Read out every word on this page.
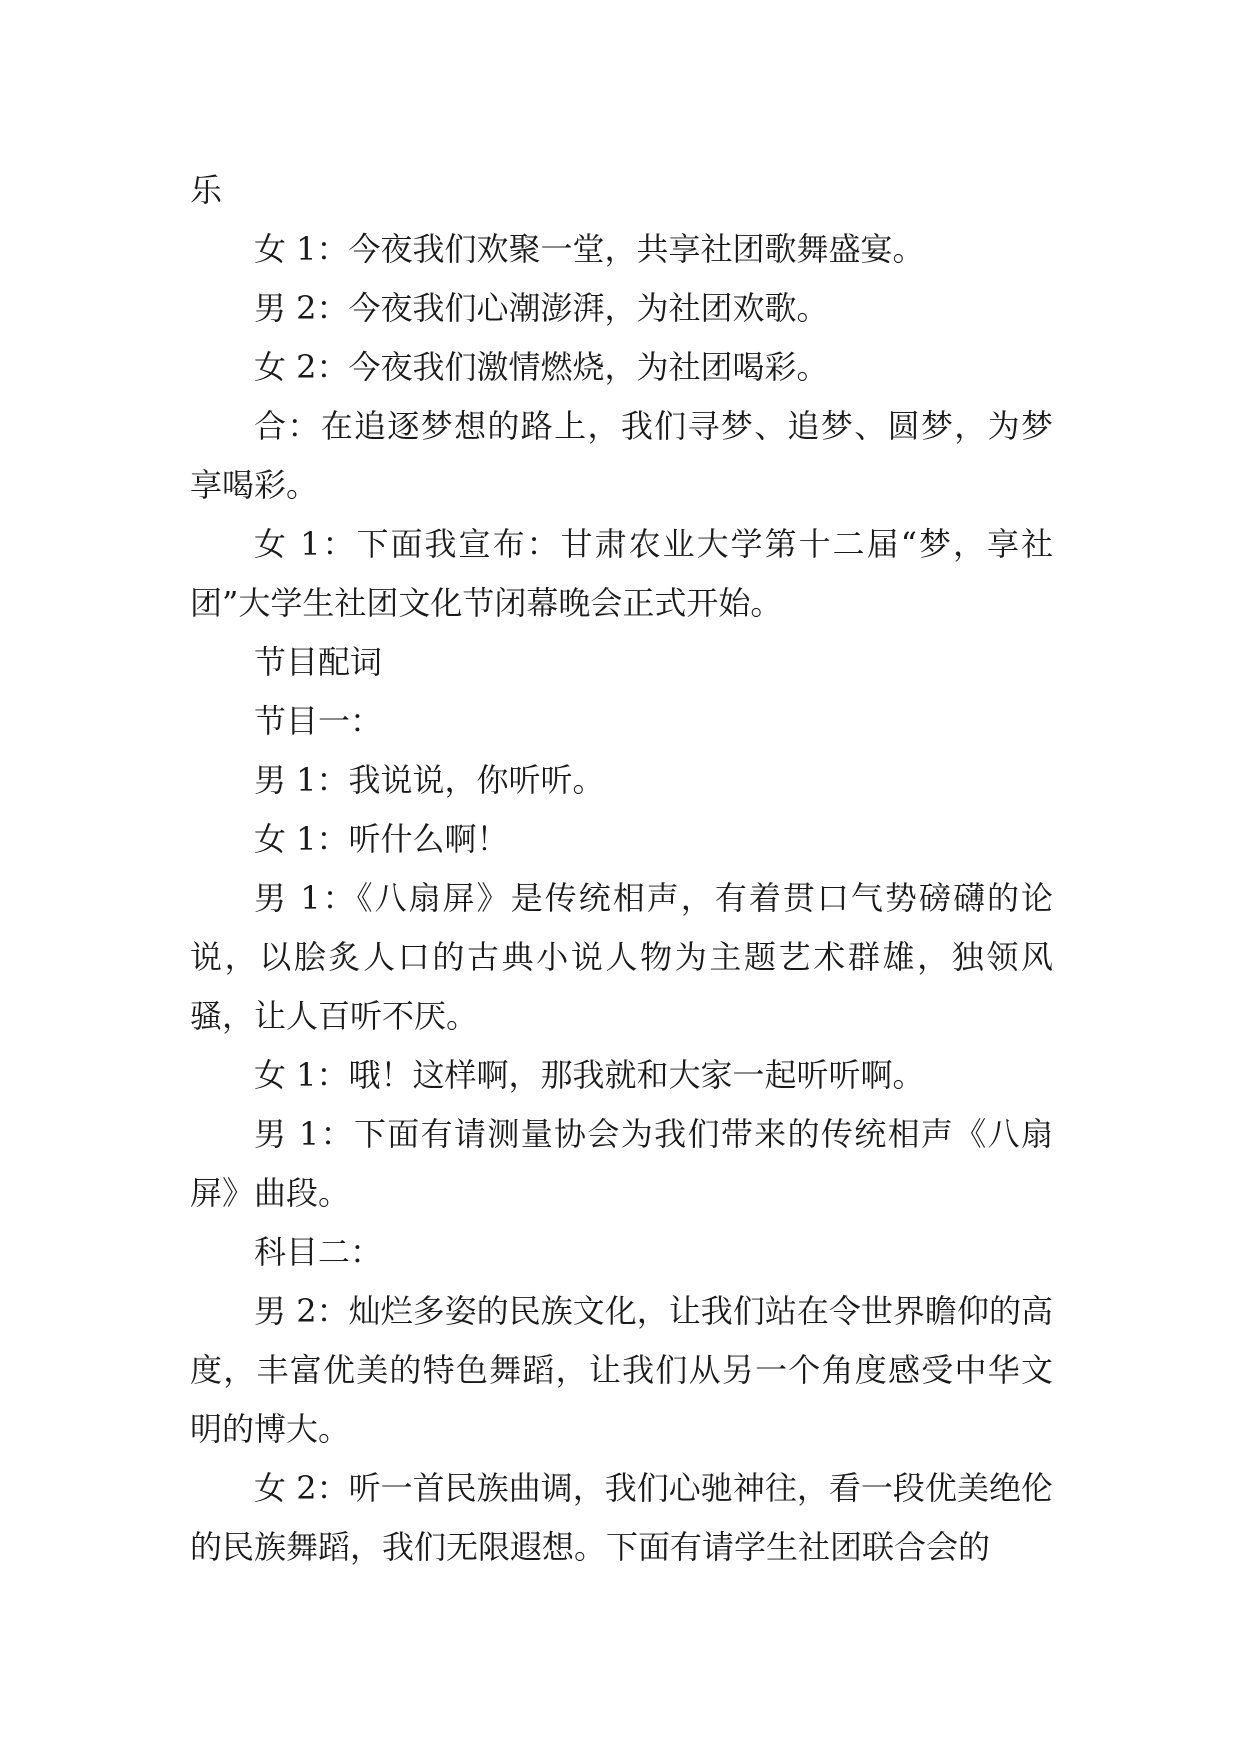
乐

女 1：今夜我们欢聚一堂，共享社团歌舞盛宴。

男 2：今夜我们心潮澎湃，为社团欢歌。

女 2：今夜我们激情燃烧，为社团喝彩。

合：在追逐梦想的路上，我们寻梦、追梦、圆梦，为梦享喝彩。

女 1：下面我宣布：甘肃农业大学第十二届“梦，享社团”大学生社团文化节闭幕晚会正式开始。

节目配词

节目一：

男 1：我说说，你听听。

女 1：听什么啊！

男 1：《八扇屏》是传统相声，有着贯口气势磅礴的论说，以脍炙人口的古典小说人物为主题艺术群雄，独领风骚，让人百听不厌。

女 1：哦！这样啊，那我就和大家一起听听啊。

男 1：下面有请测量协会为我们带来的传统相声《八扇屏》曲段。

科目二：

男 2：灿烂多姿的民族文化，让我们站在令世界瞻仰的高度，丰富优美的特色舞蹈，让我们从另一个角度感受中华文明的博大。

女 2：听一首民族曲调，我们心驰神往，看一段优美绝伦的民族舞蹈，我们无限遐想。下面有请学生社团联合会的
